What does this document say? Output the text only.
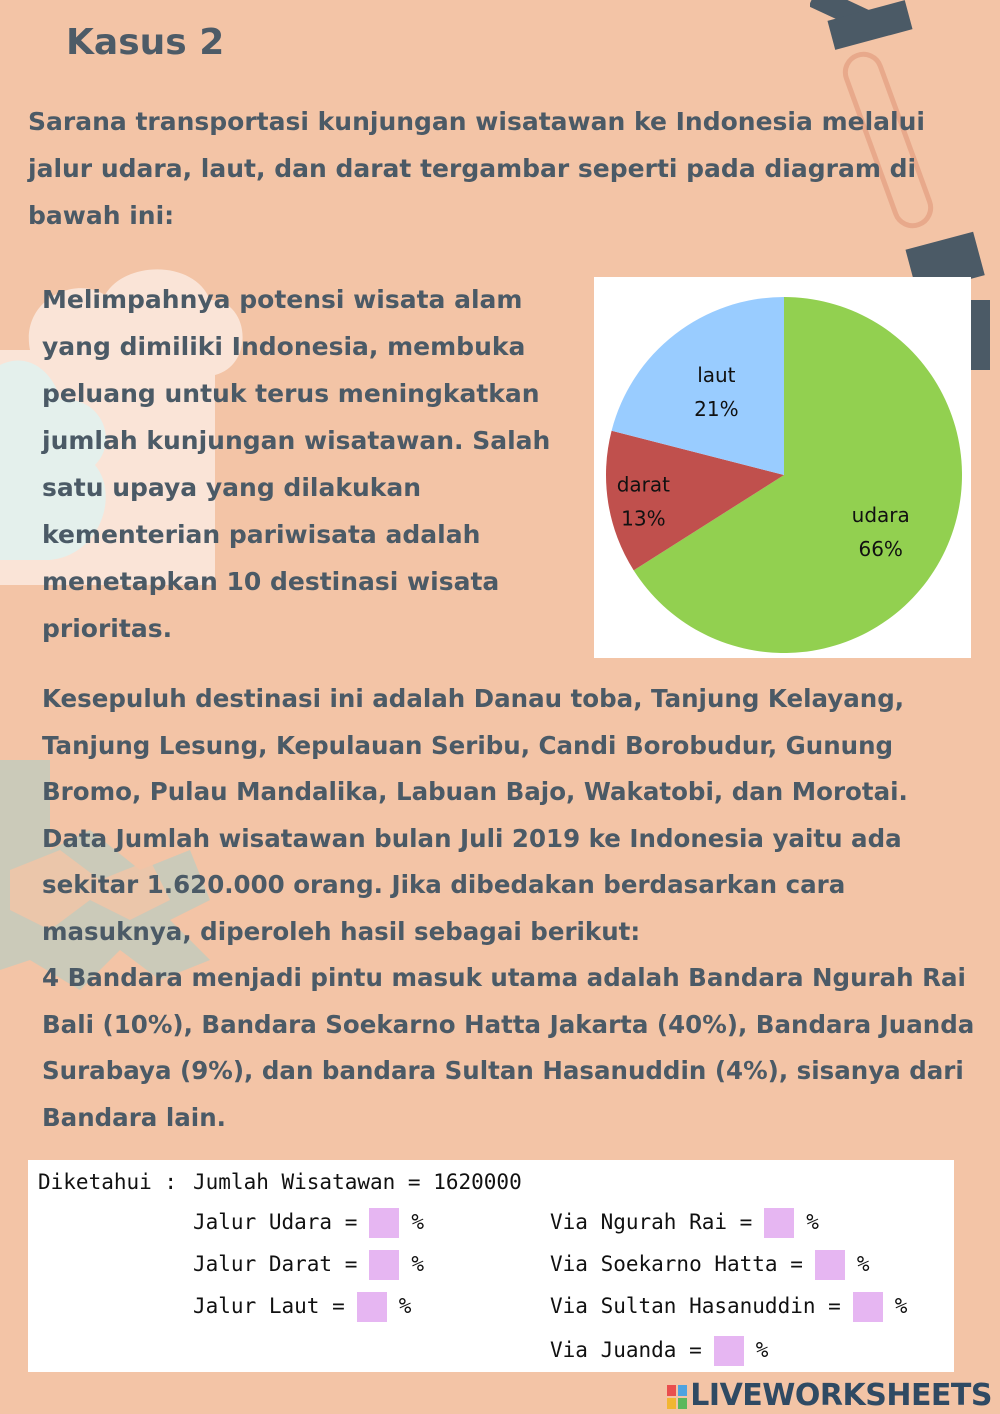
Kasus 2
Sarana transportasi kunjungan wisatawan ke Indonesia melalui jalur udara, laut, dan darat tergambar seperti pada diagram di bawah ini:
Melimpahnya potensi wisata alam yang dimiliki Indonesia, membuka peluang untuk terus meningkatkan jumlah kunjungan wisatawan. Salah satu upaya yang dilakukan kementerian pariwisata adalah menetapkan 10 destinasi wisata prioritas.
udara
66%
darat
13%
laut
21%
Kesepuluh destinasi ini adalah Danau toba, Tanjung Kelayang, Tanjung Lesung, Kepulauan Seribu, Candi Borobudur, Gunung Bromo, Pulau Mandalika, Labuan Bajo, Wakatobi, dan Morotai. Data Jumlah wisatawan bulan Juli 2019 ke Indonesia yaitu ada sekitar 1.620.000 orang. Jika dibedakan berdasarkan cara masuknya, diperoleh hasil sebagai berikut:
4 Bandara menjadi pintu masuk utama adalah Bandara Ngurah Rai Bali (10%), Bandara Soekarno Hatta Jakarta (40%), Bandara Juanda Surabaya (9%), dan bandara Sultan Hasanuddin (4%), sisanya dari Bandara lain.
Diketahui : Jumlah Wisatawan = 1620000
Jalur Udara =	%
Jalur Darat =	%
Jalur Laut =	%
Via Ngurah Rai =	%
Via Soekarno Hatta =	%
Via Sultan Hasanuddin =	%
Via Juanda =	%
LIVEWORKSHEETS
